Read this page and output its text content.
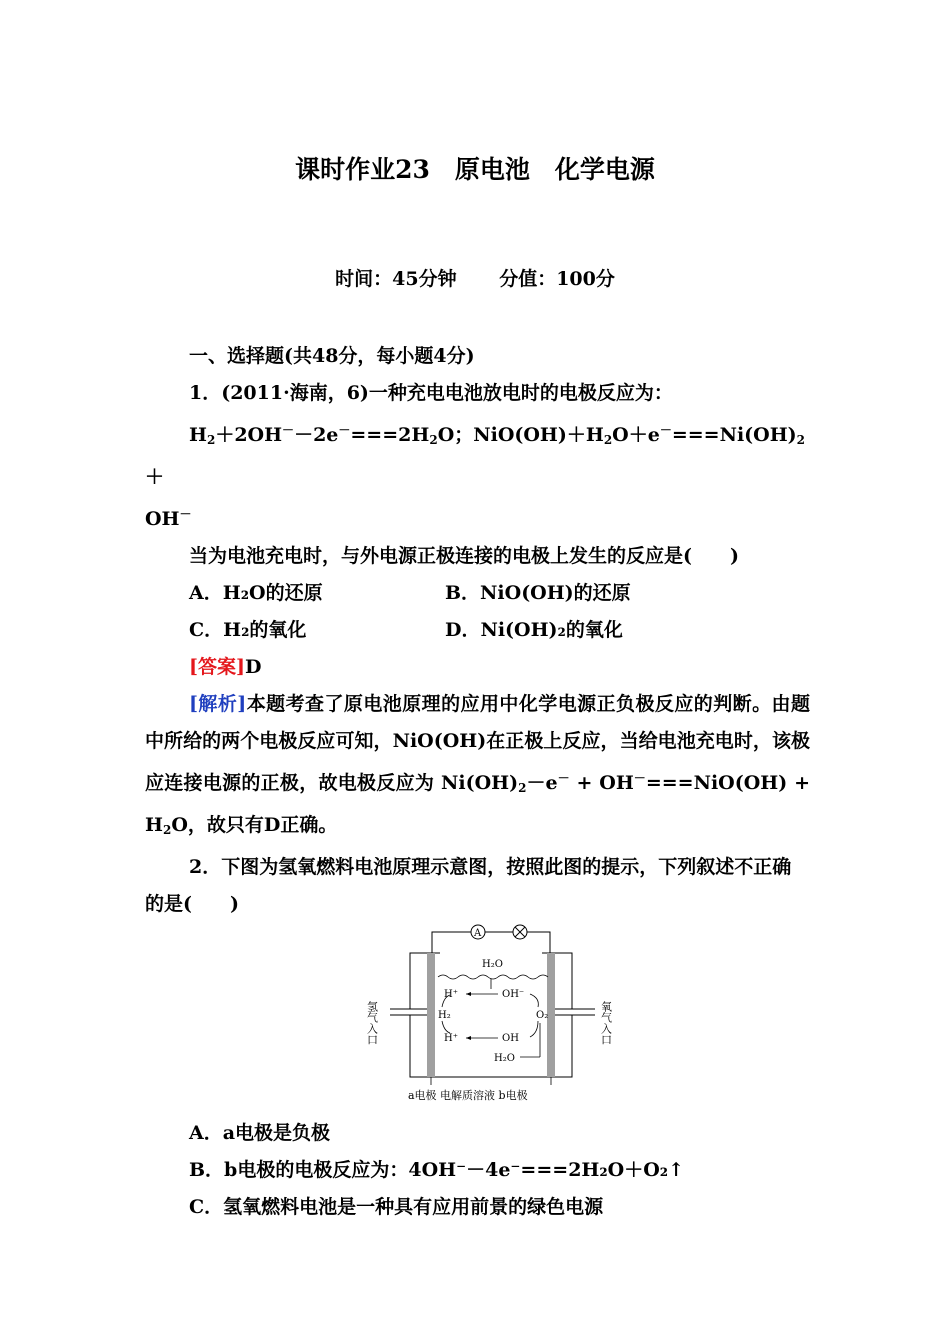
课时作业23　原电池　化学电源
时间：45分钟 分值：100分

一、选择题(共48分，每小题4分)

1．(2011·海南，6)一种充电电池放电时的电极反应为：

$H_2+2OH^--2e^-===2H_2O$；$NiO(OH)+H_2O+e^-===Ni(OH)_2+$

OH－

当为电池充电时，与外电源正极连接的电极上发生的反应是(　　)

A．H₂O的还原	B．NiO(OH)的还原
C．H₂的氧化	D．Ni(OH)₂的氧化

[答案]D

[解析]本题考查了原电池原理的应用中化学电源正负极反应的判断。由题中所给的两个电极反应可知，NiO(OH)在正极上反应，当给电池充电时，该极应连接电源的正极，故电极反应为 $Ni(OH)_2-e^- + OH^-===NiO(OH) + H_2O$，故只有D正确。

2．下图为氢氧燃料电池原理示意图，按照此图的提示，下列叙述不正确的是(　　)

A
氢气入口	氧气入口
H₂O
H⁺	OH⁻
H₂	O₂
H⁺	OH
H₂O
a电极 电解质溶液 b电极

A．a电极是负极

B．b电极的电极反应为：4OH⁻－4e⁻===2H₂O＋O₂↑

C．氢氧燃料电池是一种具有应用前景的绿色电源
